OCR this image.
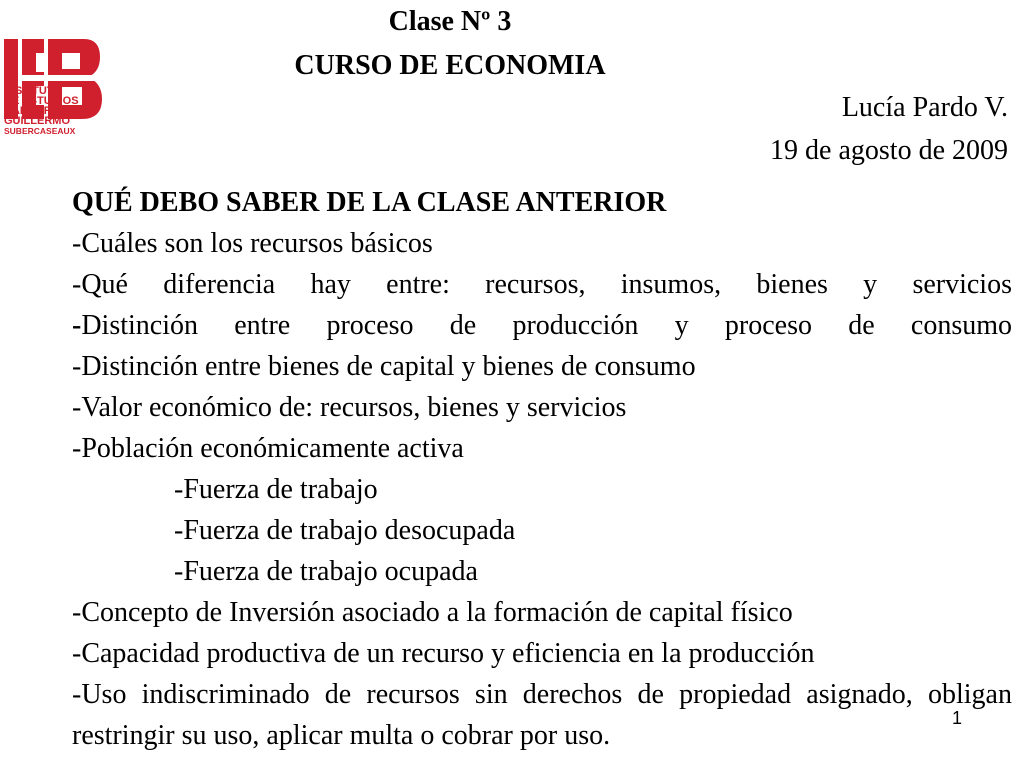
INSTITUTO
DE ESTUDIOS
BANCARIOS
GUILLERMO
SUBERCASEAUX
Clase Nº 3
CURSO DE ECONOMIA
Lucía Pardo V.
19 de agosto de 2009
QUÉ DEBO SABER DE LA CLASE ANTERIOR
-Cuáles son los recursos básicos
-Qué diferencia hay entre: recursos, insumos, bienes y servicios
-Distinción entre proceso de producción y proceso de consumo
-Distinción entre bienes de capital y bienes de consumo
-Valor económico de: recursos, bienes y servicios
-Población económicamente activa
-Fuerza de trabajo
-Fuerza de trabajo desocupada
-Fuerza de trabajo ocupada
-Concepto de Inversión asociado a la formación de capital físico
-Capacidad productiva de un recurso y eficiencia en la producción
-Uso indiscriminado de recursos sin derechos de propiedad asignado, obligan restringir su uso, aplicar multa o cobrar por uso.
1
